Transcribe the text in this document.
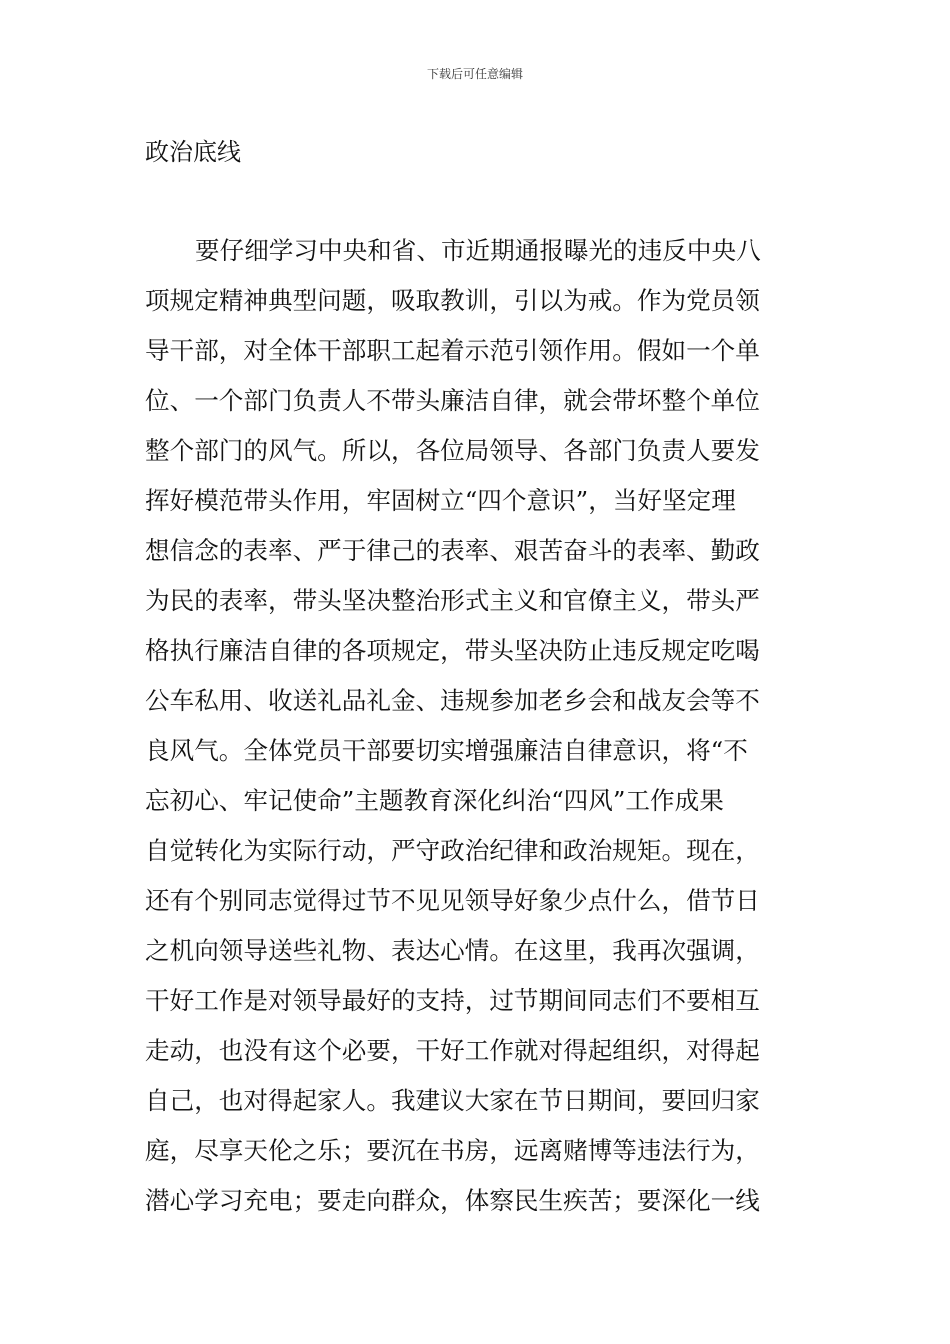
下载后可任意编辑
政治底线
要仔细学习中央和省、市近期通报曝光的违反中央八
项规定精神典型问题，吸取教训，引以为戒。作为党员领
导干部，对全体干部职工起着示范引领作用。假如一个单
位、一个部门负责人不带头廉洁自律，就会带坏整个单位
整个部门的风气。所以，各位局领导、各部门负责人要发
挥好模范带头作用，牢固树立“四个意识”，当好坚定理
想信念的表率、严于律己的表率、艰苦奋斗的表率、勤政
为民的表率，带头坚决整治形式主义和官僚主义，带头严
格执行廉洁自律的各项规定，带头坚决防止违反规定吃喝
公车私用、收送礼品礼金、违规参加老乡会和战友会等不
良风气。全体党员干部要切实增强廉洁自律意识，将“不
忘初心、牢记使命”主题教育深化纠治“四风”工作成果
自觉转化为实际行动，严守政治纪律和政治规矩。现在，
还有个别同志觉得过节不见见领导好象少点什么，借节日
之机向领导送些礼物、表达心情。在这里，我再次强调，
干好工作是对领导最好的支持，过节期间同志们不要相互
走动，也没有这个必要，干好工作就对得起组织，对得起
自己，也对得起家人。我建议大家在节日期间，要回归家
庭，尽享天伦之乐；要沉在书房，远离赌博等违法行为，
潜心学习充电；要走向群众，体察民生疾苦；要深化一线
